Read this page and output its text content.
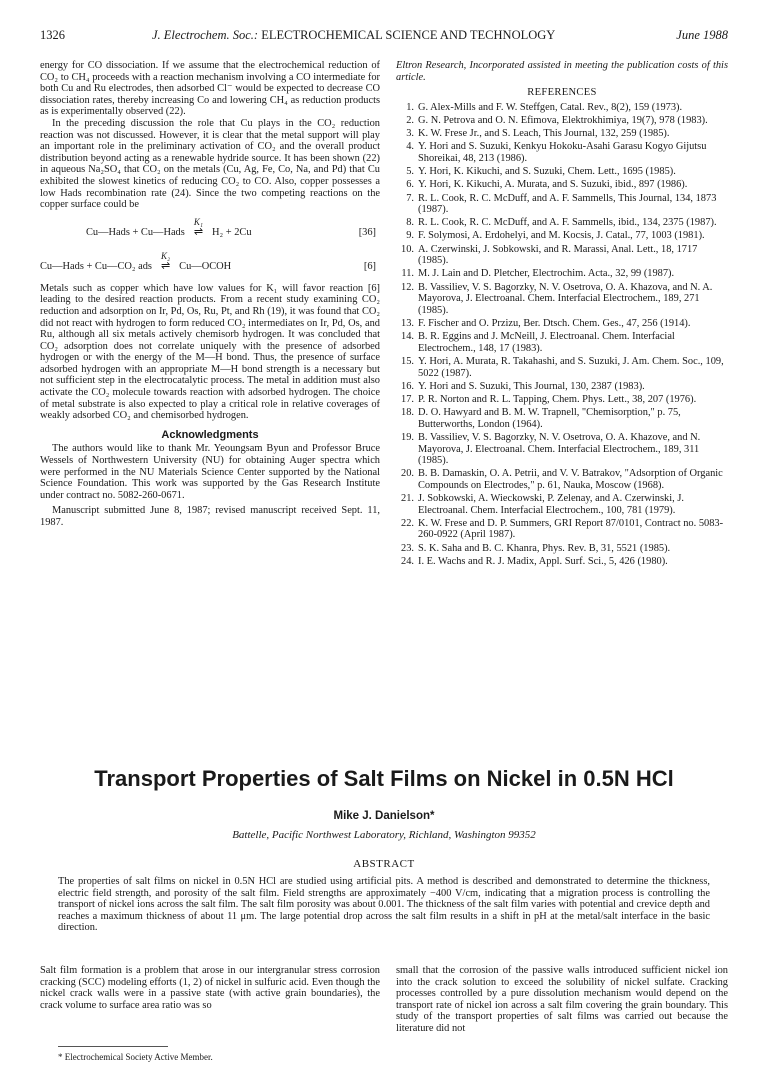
1326	J. Electrochem. Soc.: ELECTROCHEMICAL SCIENCE AND TECHNOLOGY	June 1988

energy for CO dissociation. If we assume that the electrochemical reduction of CO₂ to CH₄ proceeds with a reaction mechanism involving a CO intermediate for both Cu and Ru electrodes, then adsorbed Cl⁻ would be expected to decrease CO dissociation rates, thereby increasing Co and lowering CH₄ as reduction products as is experimentally observed (22).

In the preceding discussion the role that Cu plays in the CO₂ reduction reaction was not discussed. However, it is clear that the metal support will play an important role in the preliminary activation of CO₂ and the overall product distribution beyond acting as a renewable hydride source. It has been shown (22) in aqueous Na₂SO₄ that CO₂ on the metals (Cu, Ag, Fe, Co, Na, and Pd) that Cu exhibited the slowest kinetics of reducing CO₂ to CO. Also, copper possesses a low Hads recombination rate (24). Since the two competing reactions on the copper surface could be

Cu—Hads + Cu—Hads
K₁
⇌ H₂ + 2Cu	[36]
Cu—Hads + Cu—CO₂ ads
K₂
⇌ Cu—OCOH	[6]

Metals such as copper which have low values for K₁ will favor reaction [6] leading to the desired reaction products. From a recent study examining CO₂ reduction and adsorption on Ir, Pd, Os, Ru, Pt, and Rh (19), it was found that CO₂ did not react with hydrogen to form reduced CO₂ intermediates on Ir, Pd, Os, and Ru, although all six metals actively chemisorb hydrogen. It was concluded that CO₂ adsorption does not correlate uniquely with the presence of adsorbed hydrogen or with the energy of the M—H bond. Thus, the presence of surface adsorbed hydrogen with an appropriate M—H bond strength is a necessary but not sufficient step in the electrocatalytic process. The metal in addition must also activate the CO₂ molecule towards reaction with adsorbed hydrogen. The choice of metal substrate is also expected to play a critical role in relative coverages of weakly adsorbed CO₂ and chemisorbed hydrogen.

Acknowledgments

The authors would like to thank Mr. Yeoungsam Byun and Professor Bruce Wessels of Northwestern University (NU) for obtaining Auger spectra which were performed in the NU Materials Science Center supported by the National Science Foundation. This work was supported by the Gas Research Institute under contract no. 5082-260-0671.

Manuscript submitted June 8, 1987; revised manuscript received Sept. 11, 1987.

Eltron Research, Incorporated assisted in meeting the publication costs of this article.

REFERENCES
1. G. Alex-Mills and F. W. Steffgen, Catal. Rev., 8(2), 159 (1973).
2. G. N. Petrova and O. N. Efimova, Elektrokhimiya, 19(7), 978 (1983).
3. K. W. Frese Jr., and S. Leach, This Journal, 132, 259 (1985).
4. Y. Hori and S. Suzuki, Kenkyu Hokoku-Asahi Garasu Kogyo Gijutsu Shoreikai, 48, 213 (1986).
5. Y. Hori, K. Kikuchi, and S. Suzuki, Chem. Lett., 1695 (1985).
6. Y. Hori, K. Kikuchi, A. Murata, and S. Suzuki, ibid., 897 (1986).
7. R. L. Cook, R. C. McDuff, and A. F. Sammells, This Journal, 134, 1873 (1987).
8. R. L. Cook, R. C. McDuff, and A. F. Sammells, ibid., 134, 2375 (1987).
9. F. Solymosi, A. Erdohelyi, and M. Kocsis, J. Catal., 77, 1003 (1981).
10. A. Czerwinski, J. Sobkowski, and R. Marassi, Anal. Lett., 18, 1717 (1985).
11. M. J. Lain and D. Pletcher, Electrochim. Acta., 32, 99 (1987).
12. B. Vassiliev, V. S. Bagorzky, N. V. Osetrova, O. A. Khazova, and N. A. Mayorova, J. Electroanal. Chem. Interfacial Electrochem., 189, 271 (1985).
13. F. Fischer and O. Przizu, Ber. Dtsch. Chem. Ges., 47, 256 (1914).
14. B. R. Eggins and J. McNeill, J. Electroanal. Chem. Interfacial Electrochem., 148, 17 (1983).
15. Y. Hori, A. Murata, R. Takahashi, and S. Suzuki, J. Am. Chem. Soc., 109, 5022 (1987).
16. Y. Hori and S. Suzuki, This Journal, 130, 2387 (1983).
17. P. R. Norton and R. L. Tapping, Chem. Phys. Lett., 38, 207 (1976).
18. D. O. Hawyard and B. M. W. Trapnell, "Chemisorption," p. 75, Butterworths, London (1964).
19. B. Vassiliev, V. S. Bagorzky, N. V. Osetrova, O. A. Khazove, and N. Mayorova, J. Electroanal. Chem. Interfacial Electrochem., 189, 311 (1985).
20. B. B. Damaskin, O. A. Petrii, and V. V. Batrakov, "Adsorption of Organic Compounds on Electrodes," p. 61, Nauka, Moscow (1968).
21. J. Sobkowski, A. Wieckowski, P. Zelenay, and A. Czerwinski, J. Electroanal. Chem. Interfacial Electrochem., 100, 781 (1979).
22. K. W. Frese and D. P. Summers, GRI Report 87/0101, Contract no. 5083-260-0922 (April 1987).
23. S. K. Saha and B. C. Khanra, Phys. Rev. B, 31, 5521 (1985).
24. I. E. Wachs and R. J. Madix, Appl. Surf. Sci., 5, 426 (1980).
Transport Properties of Salt Films on Nickel in 0.5N HCl
Mike J. Danielson*
Battelle, Pacific Northwest Laboratory, Richland, Washington 99352
ABSTRACT
The properties of salt films on nickel in 0.5N HCl are studied using artificial pits. A method is described and demonstrated to determine the thickness, electric field strength, and porosity of the salt film. Field strengths are approximately −400 V/cm, indicating that a migration process is controlling the transport of nickel ions across the salt film. The salt film porosity was about 0.001. The thickness of the salt film varies with potential and crevice depth and reaches a maximum thickness of about 11 μm. The large potential drop across the salt film results in a shift in pH at the metal/salt interface in the basic direction.
Salt film formation is a problem that arose in our intergranular stress corrosion cracking (SCC) modeling efforts (1, 2) of nickel in sulfuric acid. Even though the nickel crack walls were in a passive state (with active grain boundaries), the crack volume to surface area ratio was so
small that the corrosion of the passive walls introduced sufficient nickel ion into the crack solution to exceed the solubility of nickel sulfate. Cracking processes controlled by a pure dissolution mechanism would depend on the transport rate of nickel ion across a salt film covering the grain boundary. This study of the transport properties of salt films was carried out because the literature did not
* Electrochemical Society Active Member.
